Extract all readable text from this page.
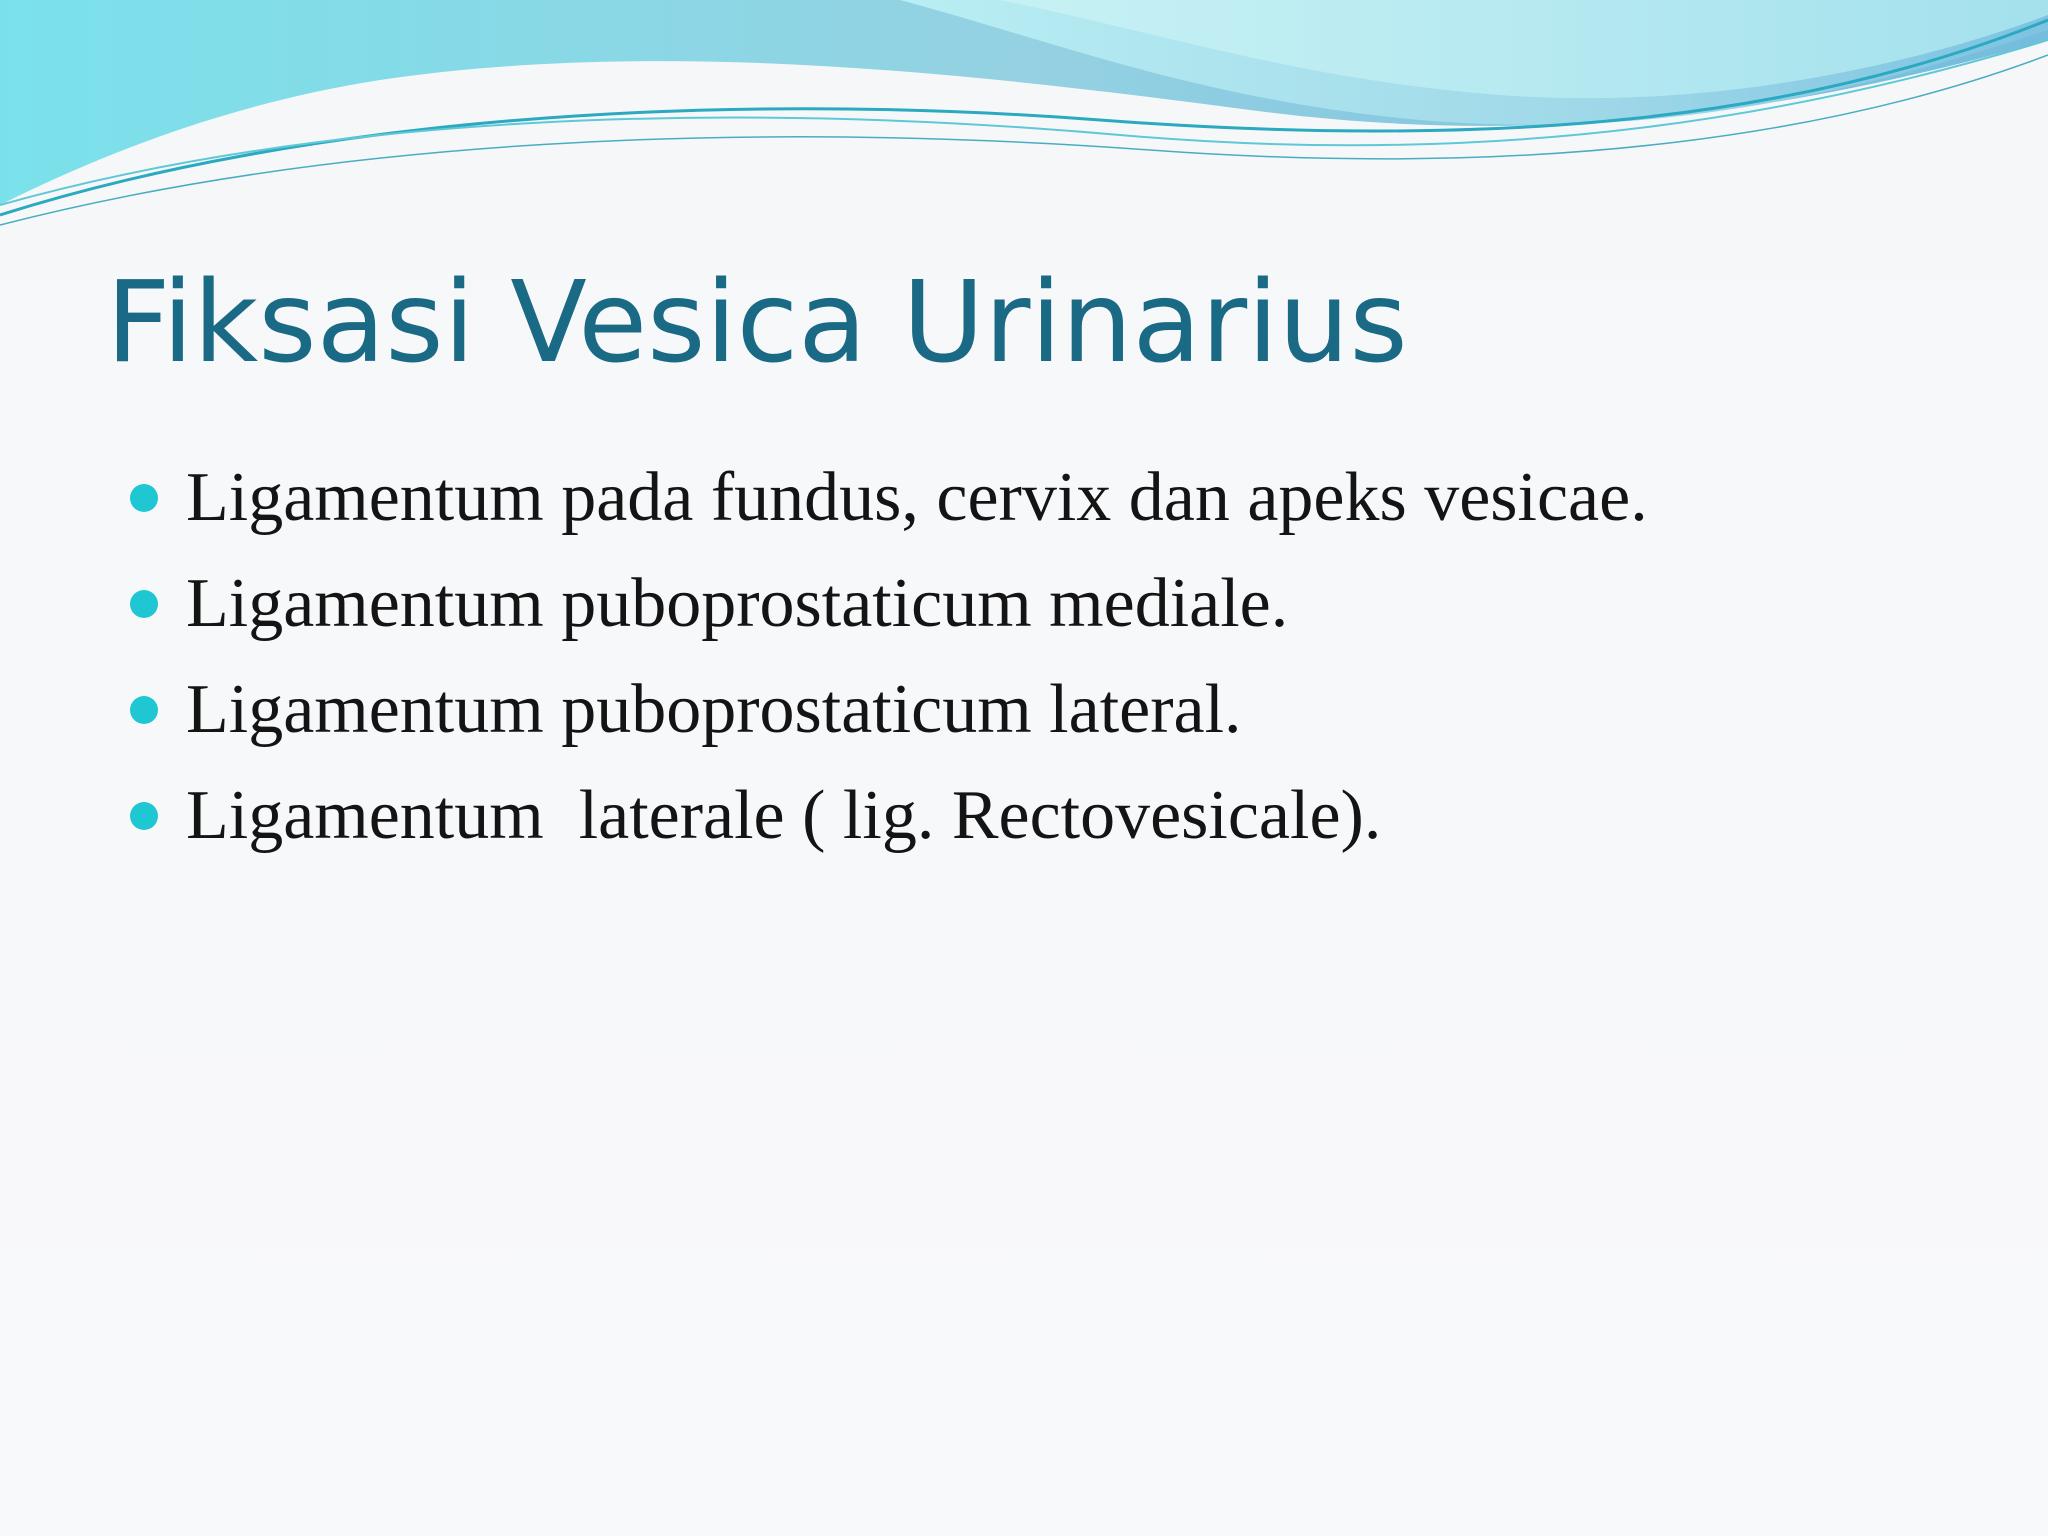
Fiksasi Vesica Urinarius
Ligamentum pada fundus, cervix dan apeks vesicae.
Ligamentum puboprostaticum mediale.
Ligamentum puboprostaticum lateral.
Ligamentum  laterale ( lig. Rectovesicale).
